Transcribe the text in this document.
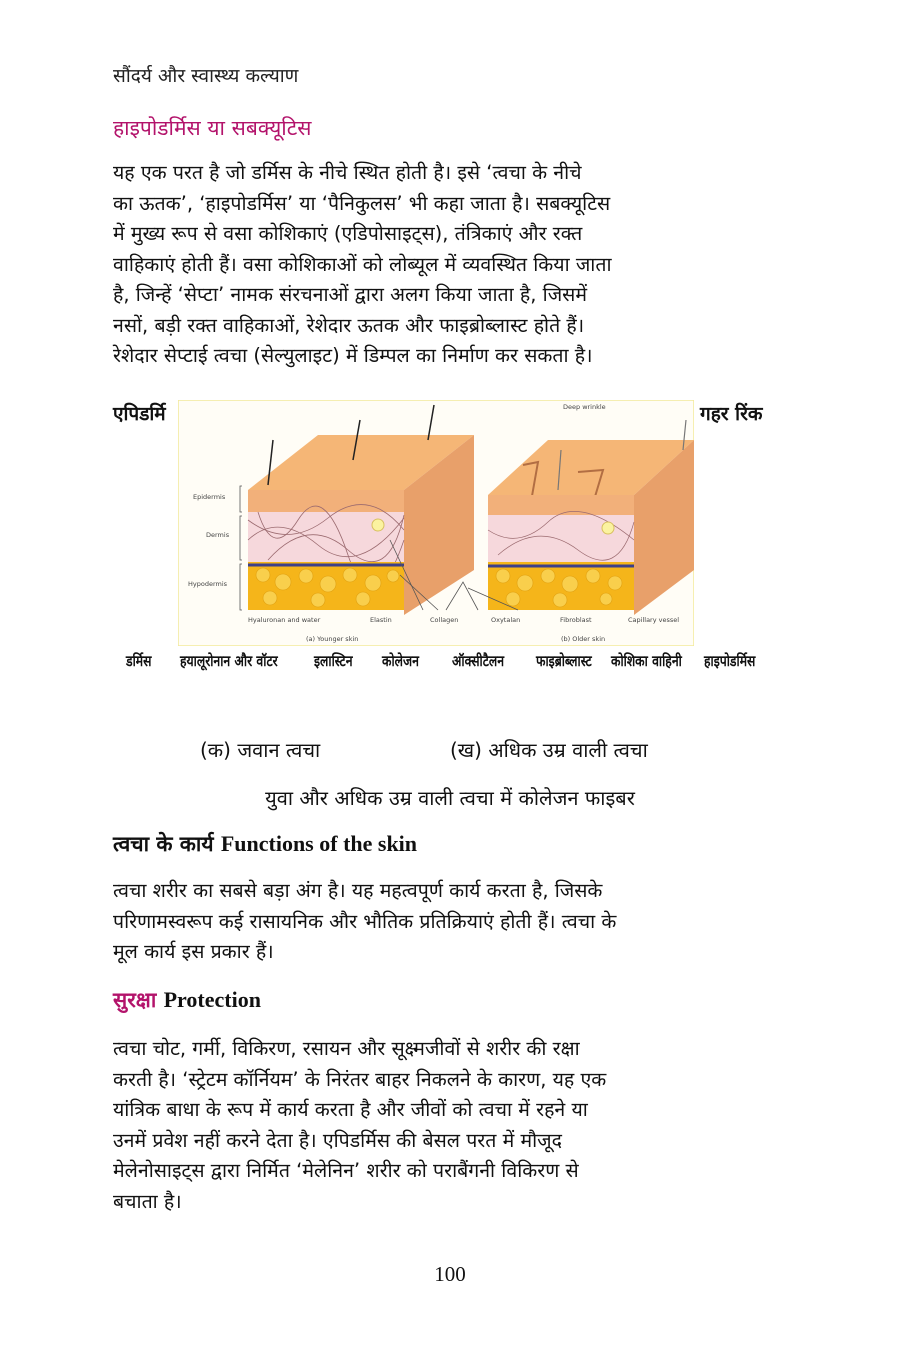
सौंदर्य और स्वास्थ्य कल्याण
हाइपोडर्मिस या सबक्यूटिस

यह एक परत है जो डर्मिस के नीचे स्थित होती है। इसे ‘त्वचा के नीचे

का ऊतक’, ‘हाइपोडर्मिस’ या ‘पैनिकुलस’ भी कहा जाता है। सबक्यूटिस

में मुख्य रूप से वसा कोशिकाएं (एडिपोसाइट्स), तंत्रिकाएं और रक्त

वाहिकाएं होती हैं। वसा कोशिकाओं को लोब्यूल में व्यवस्थित किया जाता

है, जिन्हें ‘सेप्टा’ नामक संरचनाओं द्वारा अलग किया जाता है, जिसमें

नसों, बड़ी रक्त वाहिकाओं, रेशेदार ऊतक और फाइब्रोब्लास्ट होते हैं।

रेशेदार सेप्टाई त्वचा (सेल्युलाइट) में डिम्पल का निर्माण कर सकता है।

एपिडर्मि	गहर रिंक
Deep wrinkle
Epidermis
Dermis
Hypodermis
Hyaluronan and water	Elastin	Collagen	Oxytalan	Fibroblast	Capillary vessel
(a) Younger skin	(b) Older skin
डर्मिस हयालूरोनान और वॉटर इलास्टिन कोलेजन ऑक्सीटैलन फाइब्रोब्लास्ट कोशिका वाहिनी हाइपोडर्मिस
(क) जवान त्वचा	(ख) अधिक उम्र वाली त्वचा
युवा और अधिक उम्र वाली त्वचा में कोलेजन फाइबर
त्वचा के कार्य Functions of the skin

त्वचा शरीर का सबसे बड़ा अंग है। यह महत्वपूर्ण कार्य करता है, जिसके

परिणामस्वरूप कई रासायनिक और भौतिक प्रतिक्रियाएं होती हैं। त्वचा के

मूल कार्य इस प्रकार हैं।

सुरक्षा Protection

त्वचा चोट, गर्मी, विकिरण, रसायन और सूक्ष्मजीवों से शरीर की रक्षा

करती है। ‘स्ट्रेटम कॉर्नियम’ के निरंतर बाहर निकलने के कारण, यह एक

यांत्रिक बाधा के रूप में कार्य करता है और जीवों को त्वचा में रहने या

उनमें प्रवेश नहीं करने देता है। एपिडर्मिस की बेसल परत में मौजूद

मेलेनोसाइट्स द्वारा निर्मित ‘मेलेनिन’ शरीर को पराबैंगनी विकिरण से

बचाता है।

100
